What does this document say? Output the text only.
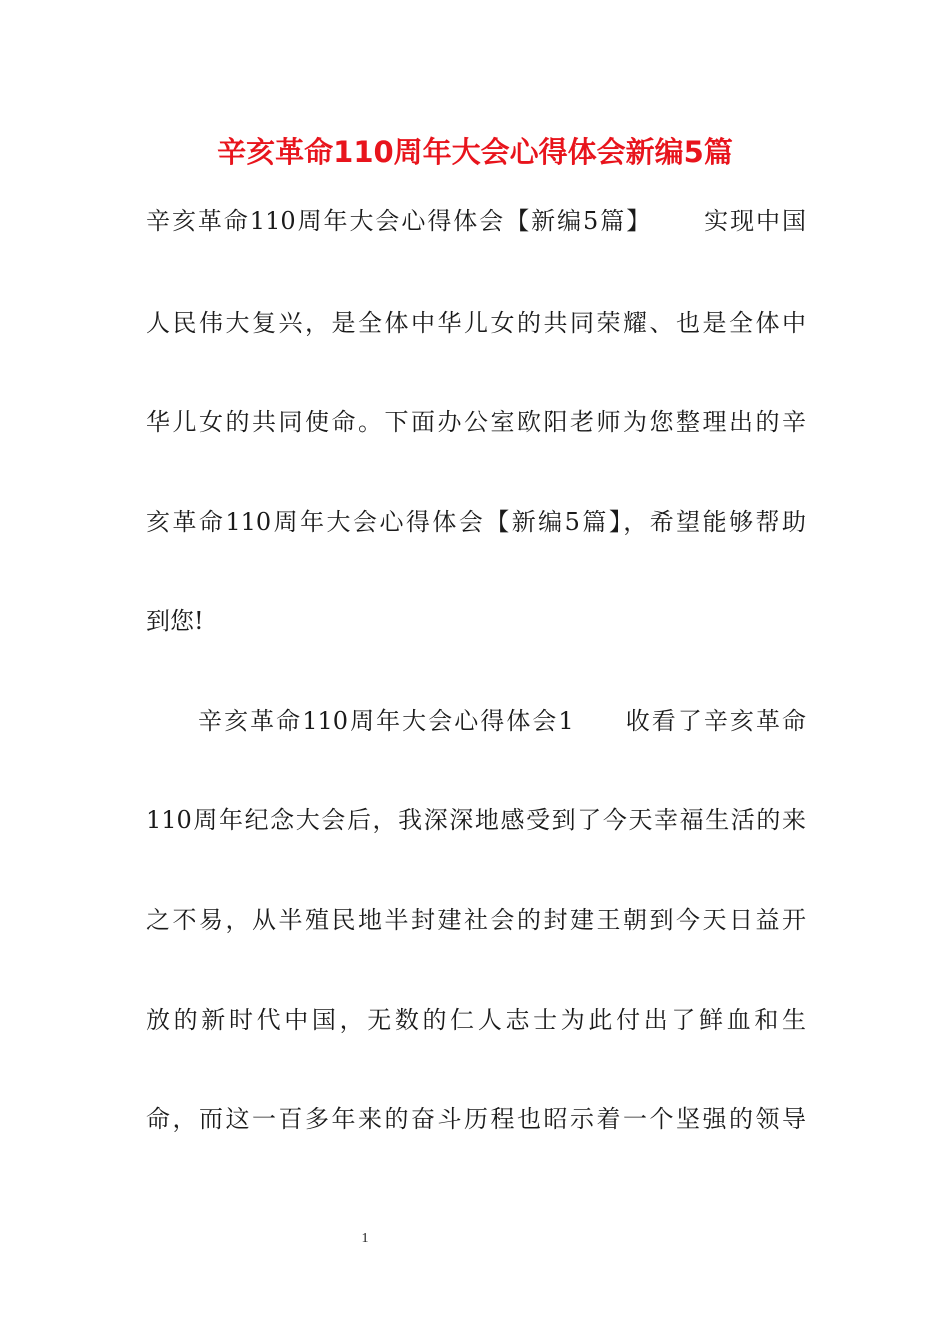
辛亥革命110周年大会心得体会新编5篇
辛亥革命110周年大会心得体会【新编5篇】 实现中国
人民伟大复兴，是全体中华儿女的共同荣耀、也是全体中
华儿女的共同使命。下面办公室欧阳老师为您整理出的辛
亥革命110周年大会心得体会【新编5篇】，希望能够帮助
到您!
辛亥革命110周年大会心得体会1 收看了辛亥革命
110周年纪念大会后，我深深地感受到了今天幸福生活的来
之不易，从半殖民地半封建社会的封建王朝到今天日益开
放的新时代中国，无数的仁人志士为此付出了鲜血和生
命，而这一百多年来的奋斗历程也昭示着一个坚强的领导
1
